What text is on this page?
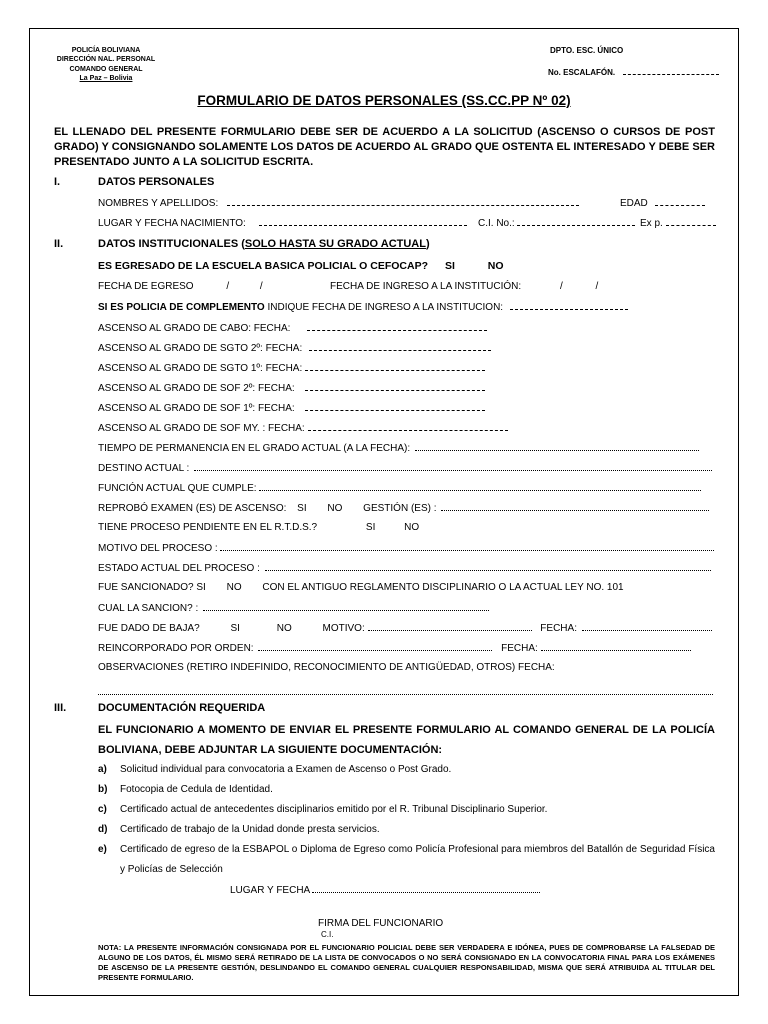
POLICÍA BOLIVIANA
DIRECCIÓN NAL. PERSONAL
COMANDO GENERAL
La Paz – Bolivia
DPTO. ESC. ÚNICO
No. ESCALAFÓN.
FORMULARIO DE DATOS PERSONALES (SS.CC.PP Nº 02)
EL LLENADO DEL PRESENTE FORMULARIO DEBE SER DE ACUERDO A LA SOLICITUD (ASCENSO O CURSOS DE POST GRADO) Y CONSIGNANDO SOLAMENTE LOS DATOS DE ACUERDO AL GRADO QUE OSTENTA EL INTERESADO Y DEBE SER PRESENTADO JUNTO A LA SOLICITUD ESCRITA.
I.	DATOS PERSONALES
NOMBRES Y APELLIDOS:	EDAD
LUGAR Y FECHA NACIMIENTO:	C.I. No.:	Ex p.
II.	DATOS INSTITUCIONALES (SOLO HASTA SU GRADO ACTUAL)
ES EGRESADO DE LA ESCUELA BASICA POLICIAL O CEFOCAP? SI	NO
FECHA DE EGRESO	/	/	FECHA DE INGRESO A LA INSTITUCIÓN:	/	/
SI ES POLICIA DE COMPLEMENTO INDIQUE FECHA DE INGRESO A LA INSTITUCION:
ASCENSO AL GRADO DE CABO: FECHA:
ASCENSO AL GRADO DE SGTO 2º: FECHA:
ASCENSO AL GRADO DE SGTO 1º: FECHA:
ASCENSO AL GRADO DE SOF 2º: FECHA:
ASCENSO AL GRADO DE SOF 1º: FECHA:
ASCENSO AL GRADO DE SOF MY. : FECHA:
TIEMPO DE PERMANENCIA EN EL GRADO ACTUAL (A LA FECHA):
DESTINO ACTUAL :
FUNCIÓN ACTUAL QUE CUMPLE:
REPROBÓ EXAMEN (ES) DE ASCENSO: SI NO GESTIÓN (ES) :
TIENE PROCESO PENDIENTE EN EL R.T.D.S.?	SI	NO
MOTIVO DEL PROCESO :
ESTADO ACTUAL DEL PROCESO :
FUE SANCIONADO? SI NO CON EL ANTIGUO REGLAMENTO DISCIPLINARIO O LA ACTUAL LEY NO. 101
CUAL LA SANCION? :
FUE DADO DE BAJA?	SI	NO	MOTIVO:	FECHA:
REINCORPORADO POR ORDEN:	FECHA:
OBSERVACIONES (RETIRO INDEFINIDO, RECONOCIMIENTO DE ANTIGÜEDAD, OTROS) FECHA:
III.	DOCUMENTACIÓN REQUERIDA
EL FUNCIONARIO A MOMENTO DE ENVIAR EL PRESENTE FORMULARIO AL COMANDO GENERAL DE LA POLICÍA BOLIVIANA, DEBE ADJUNTAR LA SIGUIENTE DOCUMENTACIÓN:
a) Solicitud individual para convocatoria a Examen de Ascenso o Post Grado.
b) Fotocopia de Cedula de Identidad.
c) Certificado actual de antecedentes disciplinarios emitido por el R. Tribunal Disciplinario Superior.
d) Certificado de trabajo de la Unidad donde presta servicios.
e) Certificado de egreso de la ESBAPOL o Diploma de Egreso como Policía Profesional para miembros del Batallón de Seguridad Física y Policías de Selección
LUGAR Y FECHA
FIRMA DEL FUNCIONARIO
C.I.
NOTA: LA PRESENTE INFORMACIÓN CONSIGNADA POR EL FUNCIONARIO POLICIAL DEBE SER VERDADERA E IDÓNEA, PUES DE COMPROBARSE LA FALSEDAD DE ALGUNO DE LOS DATOS, ÉL MISMO SERÁ RETIRADO DE LA LISTA DE CONVOCADOS O NO SERÁ CONSIGNADO EN LA CONVOCATORIA FINAL PARA LOS EXÁMENES DE ASCENSO DE LA PRESENTE GESTIÓN, DESLINDANDO EL COMANDO GENERAL CUALQUIER RESPONSABILIDAD, MISMA QUE SERÁ ATRIBUIDA AL TITULAR DEL PRESENTE FORMULARIO.
